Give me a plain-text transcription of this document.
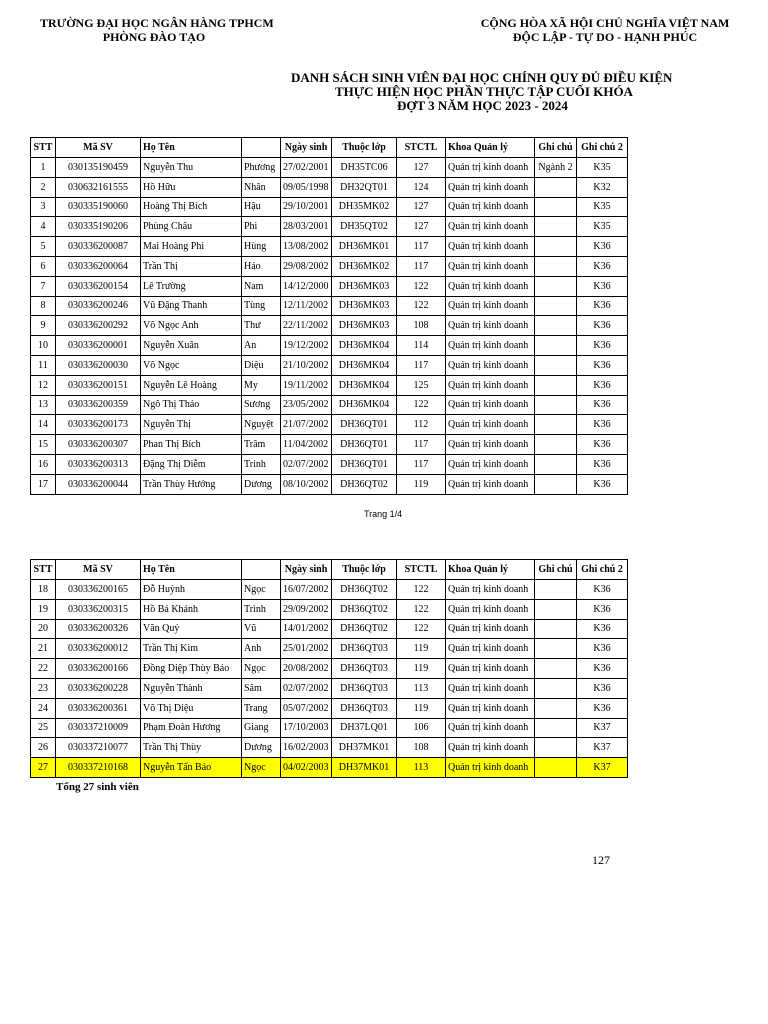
TRƯỜNG ĐẠI HỌC NGÂN HÀNG TPHCM
PHÒNG ĐÀO TẠO
CỘNG HÒA XÃ HỘI CHỦ NGHĨA VIỆT NAM
ĐỘC LẬP - TỰ DO - HẠNH PHÚC
DANH SÁCH SINH VIÊN ĐẠI HỌC CHÍNH QUY ĐỦ ĐIỀU KIỆN
THỰC HIỆN HỌC PHẦN THỰC TẬP CUỐI KHÓA
ĐỢT 3 NĂM HỌC 2023 - 2024
STT	Mã SV	Họ Tên		Ngày sinh	Thuộc lớp	STCTL	Khoa Quản lý	Ghi chú	Ghi chú 2
1	030135190459	Nguyễn Thu	Phương	27/02/2001	DH35TC06	127	Quản trị kinh doanh	Ngành 2	K35
2	030632161555	Hồ Hữu	Nhân	09/05/1998	DH32QT01	124	Quản trị kinh doanh		K32
3	030335190060	Hoàng Thị Bích	Hậu	29/10/2001	DH35MK02	127	Quản trị kinh doanh		K35
4	030335190206	Phùng Châu	Phi	28/03/2001	DH35QT02	127	Quản trị kinh doanh		K35
5	030336200087	Mai Hoàng Phi	Hùng	13/08/2002	DH36MK01	117	Quản trị kinh doanh		K36
6	030336200064	Trần Thị	Hảo	29/08/2002	DH36MK02	117	Quản trị kinh doanh		K36
7	030336200154	Lê Trường	Nam	14/12/2000	DH36MK03	122	Quản trị kinh doanh		K36
8	030336200246	Vũ Đặng Thanh	Tùng	12/11/2002	DH36MK03	122	Quản trị kinh doanh		K36
9	030336200292	Võ Ngọc Anh	Thư	22/11/2002	DH36MK03	108	Quản trị kinh doanh		K36
10	030336200001	Nguyễn Xuân	An	19/12/2002	DH36MK04	114	Quản trị kinh doanh		K36
11	030336200030	Võ Ngọc	Diệu	21/10/2002	DH36MK04	117	Quản trị kinh doanh		K36
12	030336200151	Nguyễn Lê Hoàng	My	19/11/2002	DH36MK04	125	Quản trị kinh doanh		K36
13	030336200359	Ngô Thị Thảo	Sương	23/05/2002	DH36MK04	122	Quản trị kinh doanh		K36
14	030336200173	Nguyễn Thị	Nguyệt	21/07/2002	DH36QT01	112	Quản trị kinh doanh		K36
15	030336200307	Phan Thị Bích	Trâm	11/04/2002	DH36QT01	117	Quản trị kinh doanh		K36
16	030336200313	Đặng Thị Diễm	Trinh	02/07/2002	DH36QT01	117	Quản trị kinh doanh		K36
17	030336200044	Trần Thùy Hướng	Dương	08/10/2002	DH36QT02	119	Quản trị kinh doanh		K36
Trang 1/4
STT	Mã SV	Họ Tên		Ngày sinh	Thuộc lớp	STCTL	Khoa Quản lý	Ghi chú	Ghi chú 2
18	030336200165	Đỗ Huỳnh	Ngọc	16/07/2002	DH36QT02	122	Quản trị kinh doanh		K36
19	030336200315	Hồ Bá Khánh	Trình	29/09/2002	DH36QT02	122	Quản trị kinh doanh		K36
20	030336200326	Văn Quý	Vũ	14/01/2002	DH36QT02	122	Quản trị kinh doanh		K36
21	030336200012	Trần Thị Kim	Anh	25/01/2002	DH36QT03	119	Quản trị kinh doanh		K36
22	030336200166	Đồng Diệp Thùy Bảo	Ngọc	20/08/2002	DH36QT03	119	Quản trị kinh doanh		K36
23	030336200228	Nguyễn Thành	Sâm	02/07/2002	DH36QT03	113	Quản trị kinh doanh		K36
24	030336200361	Võ Thị Diệu	Trang	05/07/2002	DH36QT03	119	Quản trị kinh doanh		K36
25	030337210009	Phạm Đoàn Hương	Giang	17/10/2003	DH37LQ01	106	Quản trị kinh doanh		K37
26	030337210077	Trần Thị Thùy	Dương	16/02/2003	DH37MK01	108	Quản trị kinh doanh		K37
27	030337210168	Nguyễn Tấn Bảo	Ngọc	04/02/2003	DH37MK01	113	Quản trị kinh doanh		K37
Tổng 27 sinh viên
127
